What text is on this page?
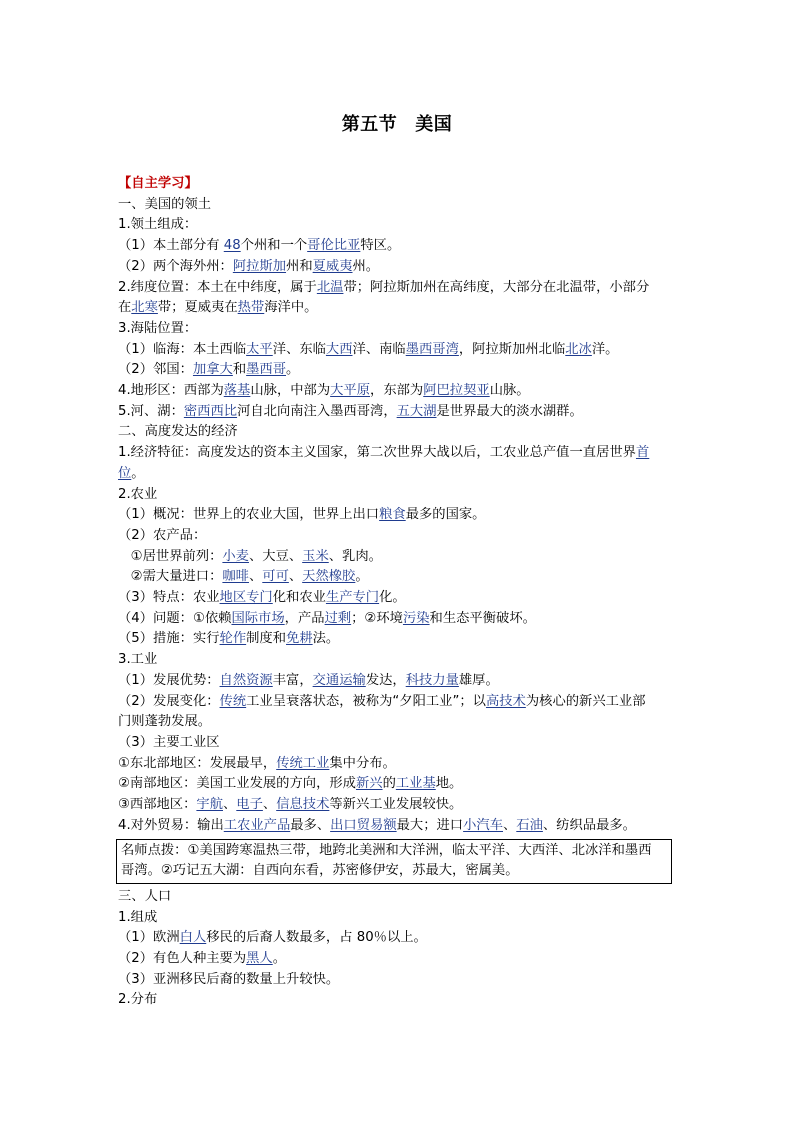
第五节 美国
【自主学习】
一、美国的领土
1.领土组成：
（1）本土部分有 48个州和一个哥伦比亚特区。
（2）两个海外州：阿拉斯加州和夏威夷州。
2.纬度位置：本土在中纬度，属于北温带；阿拉斯加州在高纬度，大部分在北温带，小部分
在北寒带；夏威夷在热带海洋中。
3.海陆位置：
（1）临海：本土西临太平洋、东临大西洋、南临墨西哥湾，阿拉斯加州北临北冰洋。
（2）邻国：加拿大和墨西哥。
4.地形区：西部为落基山脉，中部为大平原，东部为阿巴拉契亚山脉。
5.河、湖：密西西比河自北向南注入墨西哥湾，五大湖是世界最大的淡水湖群。
二、高度发达的经济
1.经济特征：高度发达的资本主义国家，第二次世界大战以后，工农业总产值一直居世界首
位。
2.农业
（1）概况：世界上的农业大国，世界上出口粮食最多的国家。
（2）农产品：
①居世界前列：小麦、大豆、玉米、乳肉。
②需大量进口：咖啡、可可、天然橡胶。
（3）特点：农业地区专门化和农业生产专门化。
（4）问题：①依赖国际市场，产品过剩；②环境污染和生态平衡破坏。
（5）措施：实行轮作制度和免耕法。
3.工业
（1）发展优势：自然资源丰富，交通运输发达，科技力量雄厚。
（2）发展变化：传统工业呈衰落状态，被称为“夕阳工业”；以高技术为核心的新兴工业部
门则蓬勃发展。
（3）主要工业区
①东北部地区：发展最早，传统工业集中分布。
②南部地区：美国工业发展的方向，形成新兴的工业基地。
③西部地区：宇航、电子、信息技术等新兴工业发展较快。
4.对外贸易：输出工农业产品最多、出口贸易额最大；进口小汽车、石油、纺织品最多。
名师点拨：①美国跨寒温热三带，地跨北美洲和大洋洲，临太平洋、大西洋、北冰洋和墨西
哥湾。②巧记五大湖：自西向东看，苏密修伊安，苏最大，密属美。
三、人口
1.组成
（1）欧洲白人移民的后裔人数最多，占 80％以上。
（2）有色人种主要为黑人。
（3）亚洲移民后裔的数量上升较快。
2.分布
